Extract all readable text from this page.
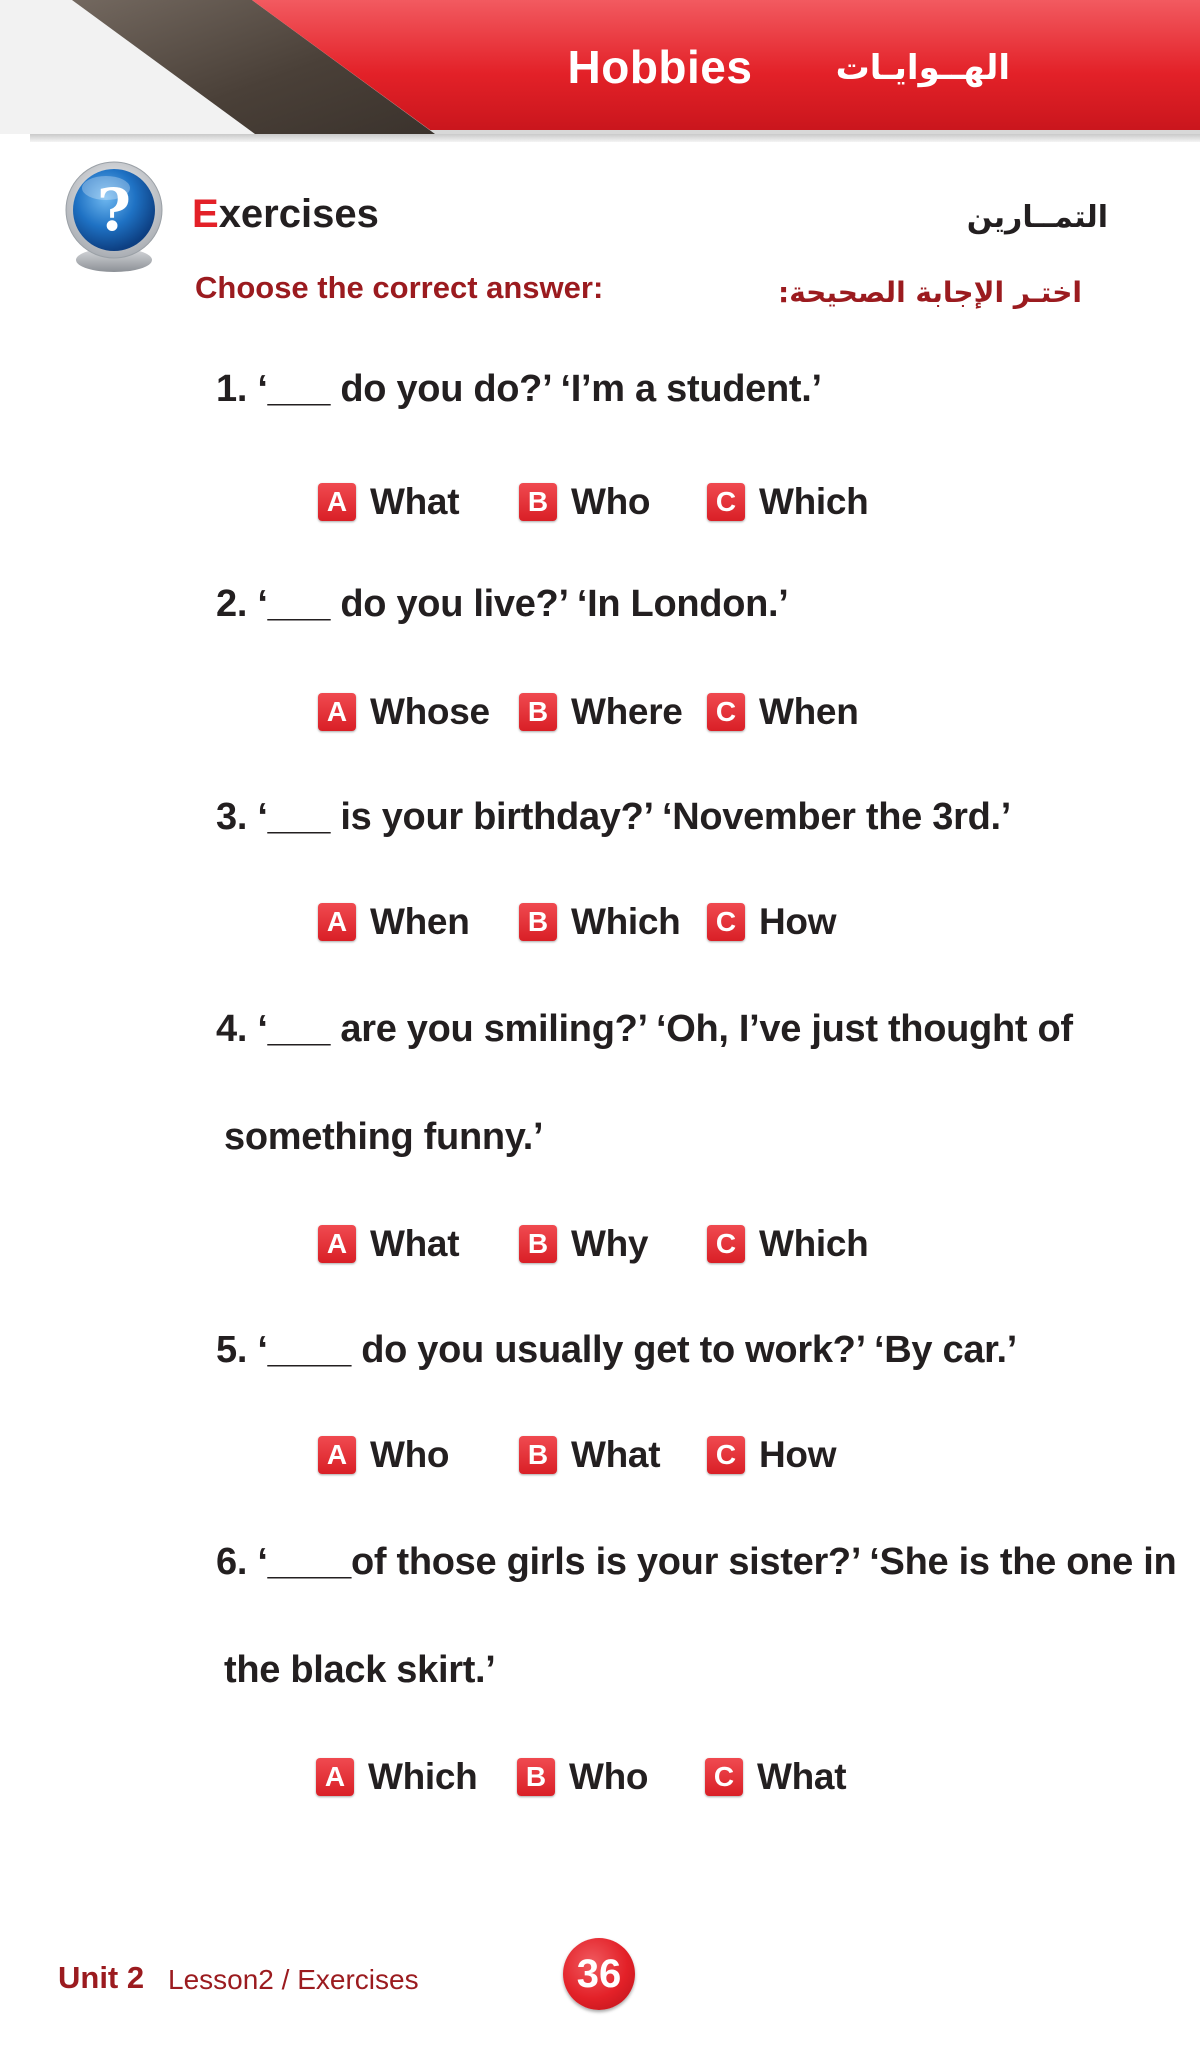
Hobbies الهــوايـات
? Exercises	التمــارين
Choose the correct answer:	اختـر الإجابة الصحيحة:
1. ‘___ do you do?’ ‘I’m a student.’
A What	B Who	C Which
2. ‘___ do you live?’ ‘In London.’
A Whose	B Where	C When
3. ‘___ is your birthday?’ ‘November the 3rd.’
A When	B Which	C How
4. ‘___ are you smiling?’ ‘Oh, I’ve just thought of
something funny.’
A What	B Why	C Which
5. ‘____ do you usually get to work?’ ‘By car.’
A Who	B What	C How
6. ‘____of those girls is your sister?’ ‘She is the one in
the black skirt.’
A Which	B Who	C What
Unit 2 Lesson2 / Exercises	36
